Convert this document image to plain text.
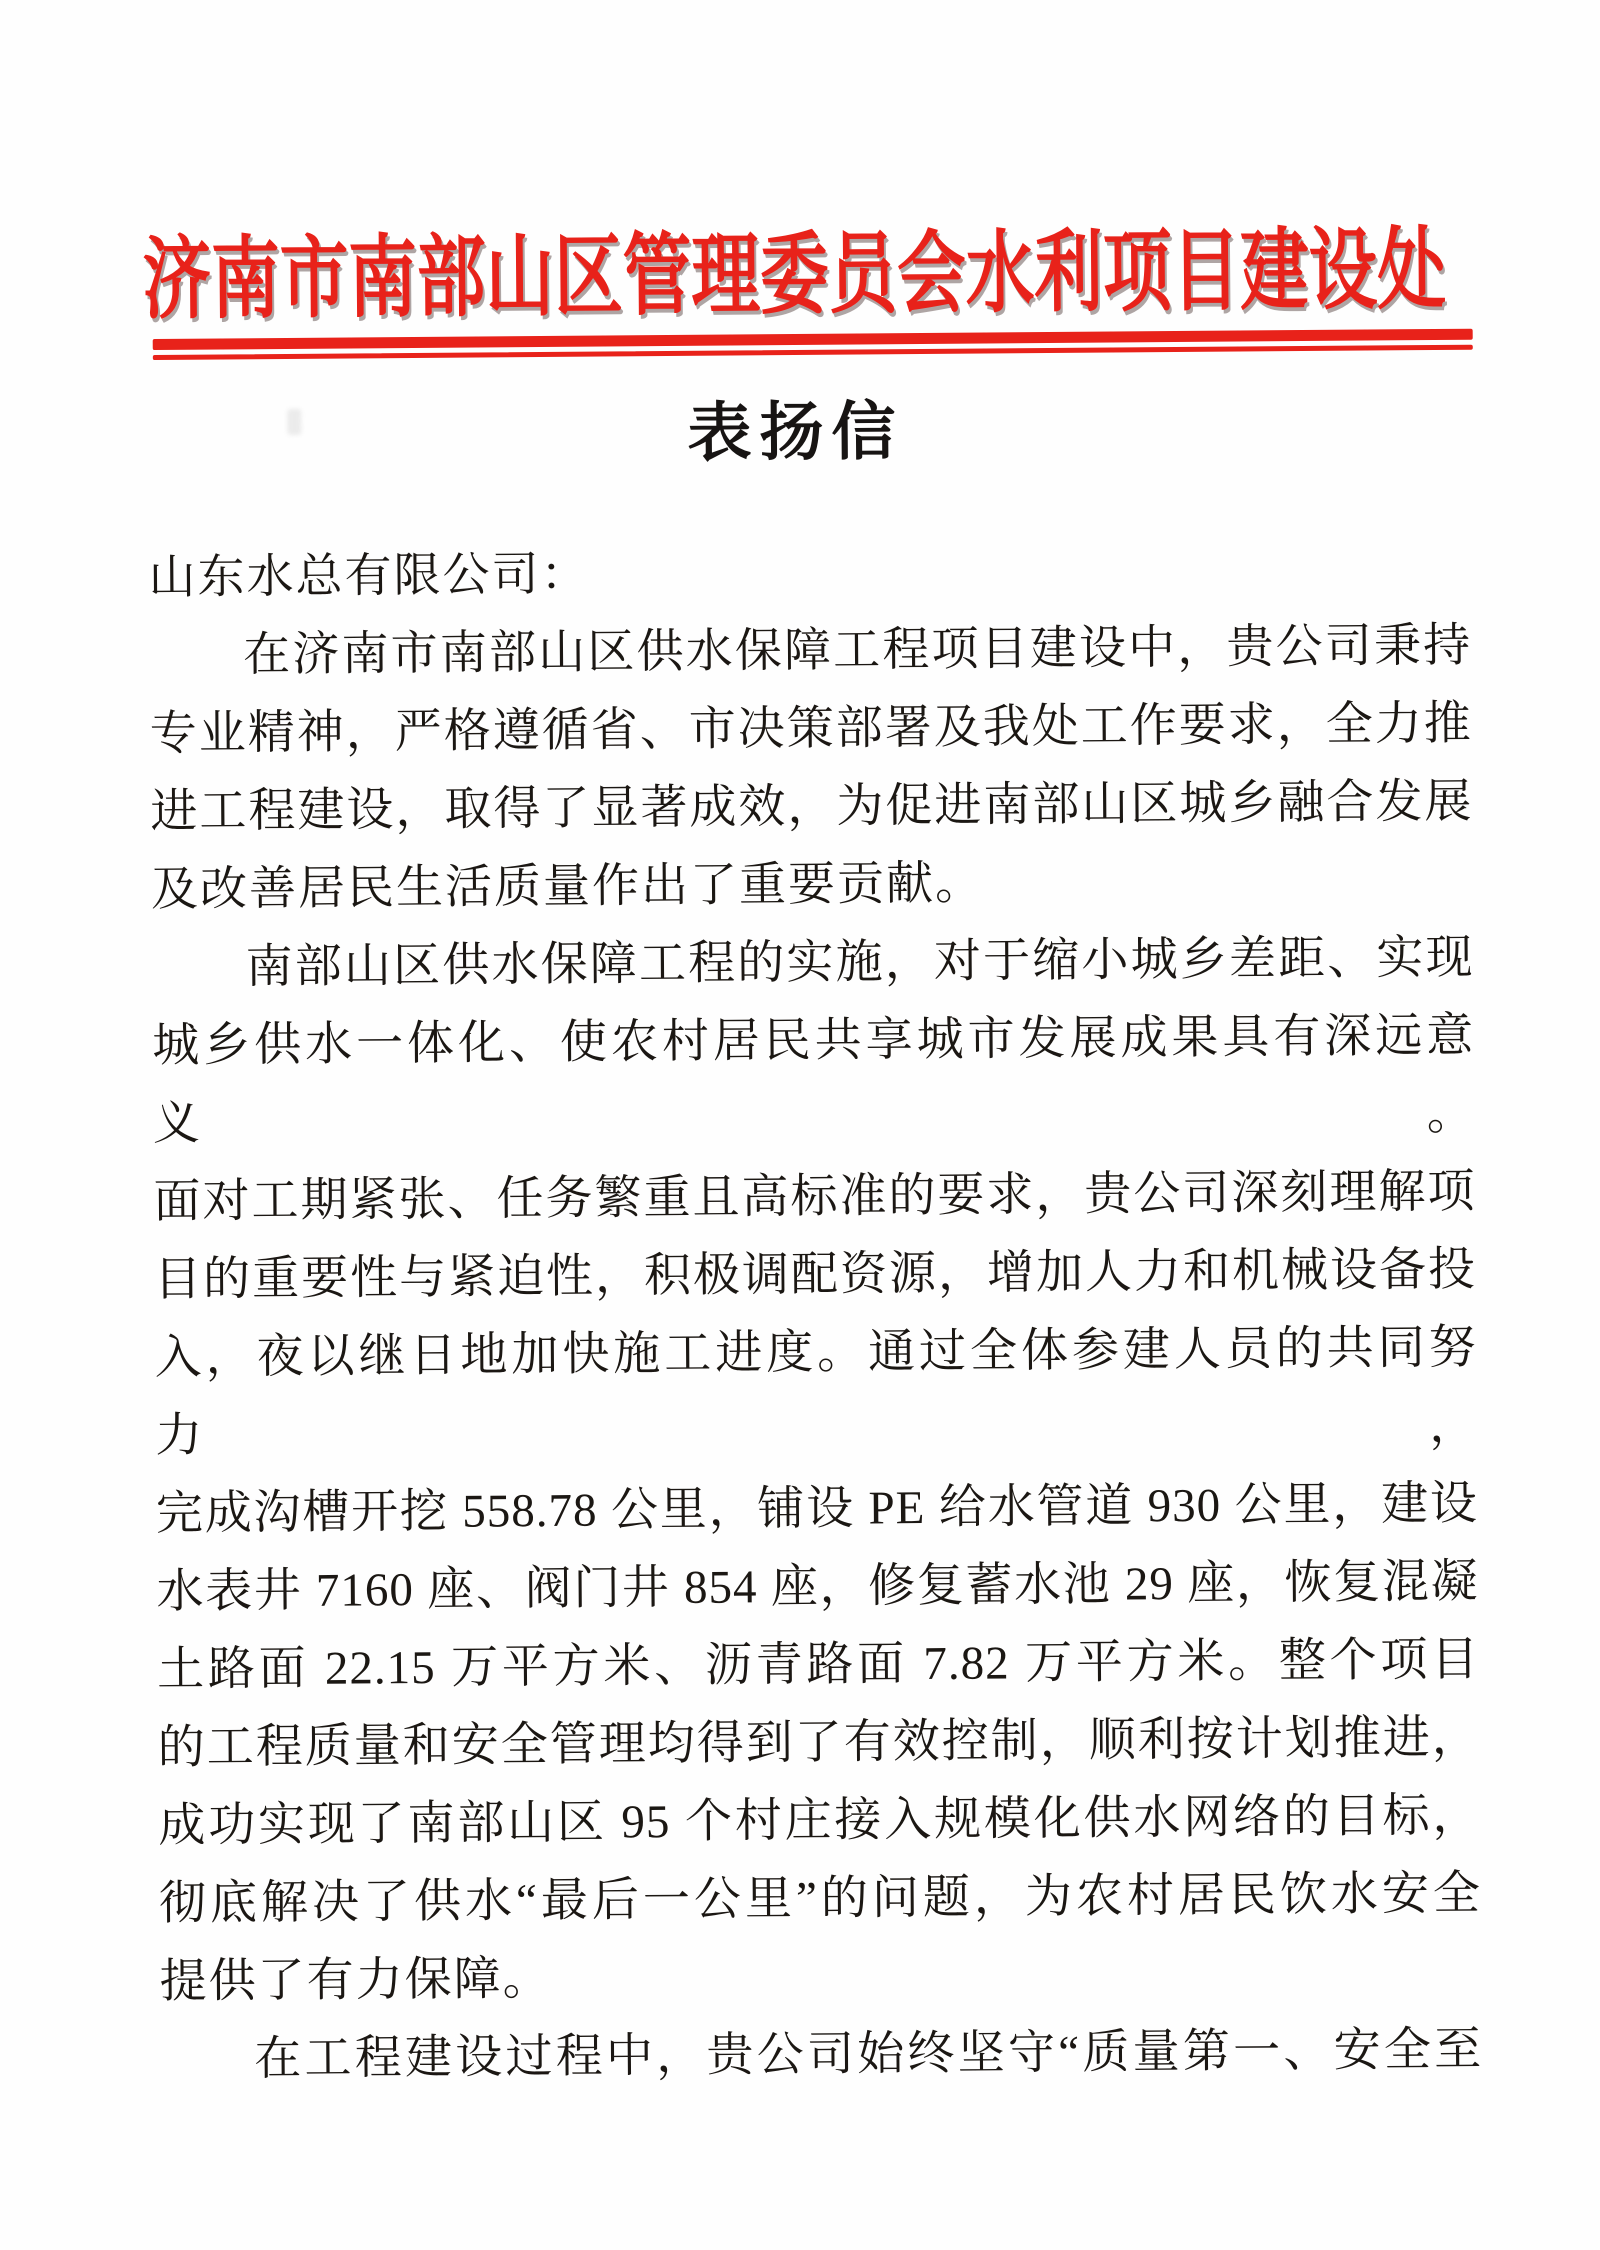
济南市南部山区管理委员会水利项目建设处
表扬信
山东水总有限公司：
在济南市南部山区供水保障工程项目建设中，贵公司秉持
专业精神，严格遵循省、市决策部署及我处工作要求，全力推
进工程建设，取得了显著成效，为促进南部山区城乡融合发展
及改善居民生活质量作出了重要贡献。
南部山区供水保障工程的实施，对于缩小城乡差距、实现
城乡供水一体化、使农村居民共享城市发展成果具有深远意义。
面对工期紧张、任务繁重且高标准的要求，贵公司深刻理解项
目的重要性与紧迫性，积极调配资源，增加人力和机械设备投
入，夜以继日地加快施工进度。通过全体参建人员的共同努力，
完成沟槽开挖 558.78 公里，铺设 PE 给水管道 930 公里，建设
水表井 7160 座、阀门井 854 座，修复蓄水池 29 座，恢复混凝
土路面 22.15 万平方米、沥青路面 7.82 万平方米。整个项目
的工程质量和安全管理均得到了有效控制，顺利按计划推进，
成功实现了南部山区 95 个村庄接入规模化供水网络的目标，
彻底解决了供水“最后一公里”的问题，为农村居民饮水安全
提供了有力保障。
在工程建设过程中，贵公司始终坚守“质量第一、安全至
